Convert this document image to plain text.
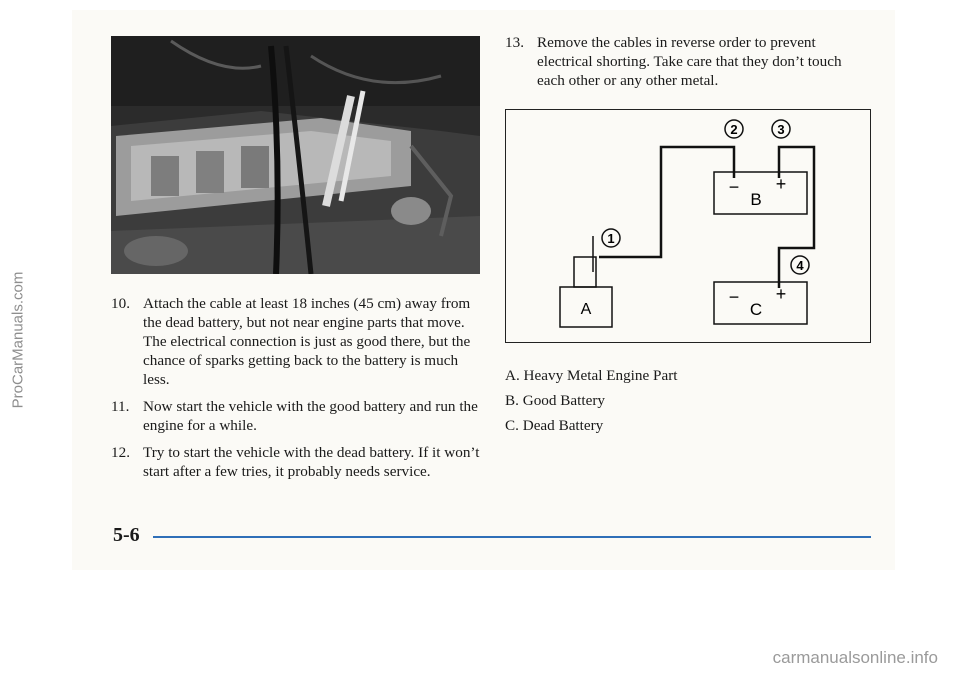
10. Attach the cable at least 18 inches (45 cm) away from the dead battery, but not near engine parts that move. The electrical connection is just as good there, but the chance of sparks getting back to the battery is much less.
11. Now start the vehicle with the good battery and run the engine for a while.
12. Try to start the vehicle with the dead battery. If it won’t start after a few tries, it probably needs service.
13. Remove the cables in reverse order to prevent electrical shorting. Take care that they don’t touch each other or any other metal.
A
− +
B
− +
C
1
2	3
4
A. Heavy Metal Engine Part
B. Good Battery
C. Dead Battery
5-6
ProCarManuals.com
carmanualsonline.info
